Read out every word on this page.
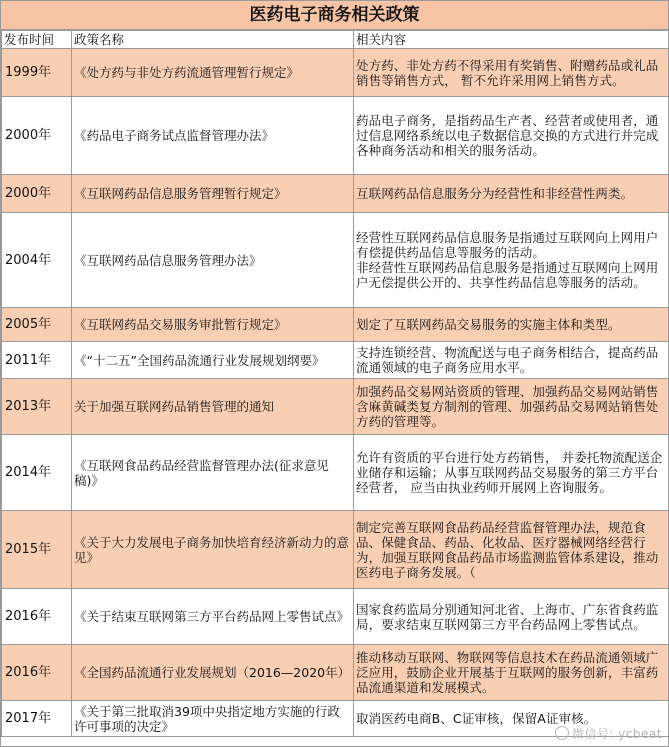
医药电子商务相关政策
发布时间	政策名称	相关内容
1999年	《处方药与非处方药流通管理暂行规定》	处方药、非处方药不得采用有奖销售、附赠药品或礼品销售等销售方式， 暂不允许采用网上销售方式。
2000年	《药品电子商务试点监督管理办法》	药品电子商务，是指药品生产者、经营者或使用者，通过信息网络系统以电子数据信息交换的方式进行并完成各种商务活动和相关的服务活动。
2000年	《互联网药品信息服务管理暂行规定》	互联网药品信息服务分为经营性和非经营性两类。
2004年	《互联网药品信息服务管理办法》	经营性互联网药品信息服务是指通过互联网向上网用户有偿提供药品信息等服务的活动。
非经营性互联网药品信息服务是指通过互联网向上网用户无偿提供公开的、共享性药品信息等服务的活动。
2005年	《互联网药品交易服务审批暂行规定》	划定了互联网药品交易服务的实施主体和类型。
2011年	《“十二五”全国药品流通行业发展规划纲要》	支持连锁经营、物流配送与电子商务相结合，提高药品流通领域的电子商务应用水平。
2013年	关于加强互联网药品销售管理的通知	加强药品交易网站资质的管理、加强药品交易网站销售含麻黄碱类复方制剂的管理、加强药品交易网站销售处方药的管理等。
2014年	《互联网食品药品经营监督管理办法(征求意见稿)》	允许有资质的平台进行处方药销售， 并委托物流配送企业储存和运输；从事互联网药品交易服务的第三方平台经营者， 应当由执业药师开展网上咨询服务。
2015年	《关于大力发展电子商务加快培育经济新动力的意见》	制定完善互联网食品药品经营监督管理办法，规范食品、保健食品、药品、化妆品、医疗器械网络经营行为，加强互联网食品药品市场监测监管体系建设，推动医药电子商务发展。（
2016年	《关于结束互联网第三方平台药品网上零售试点》	国家食药监局分别通知河北省、上海市、广东省食药监局，要求结束互联网第三方平台药品网上零售试点。
2016年	《全国药品流通行业发展规划（2016—2020年）	推动移动互联网、物联网等信息技术在药品流通领域广泛应用，鼓励企业开展基于互联网的服务创新，丰富药品流通渠道和发展模式。
2017年	《关于第三批取消39项中央指定地方实施的行政许可事项的决定》	取消医药电商B、C证审核，保留A证审核。
微信号: ycbeat
